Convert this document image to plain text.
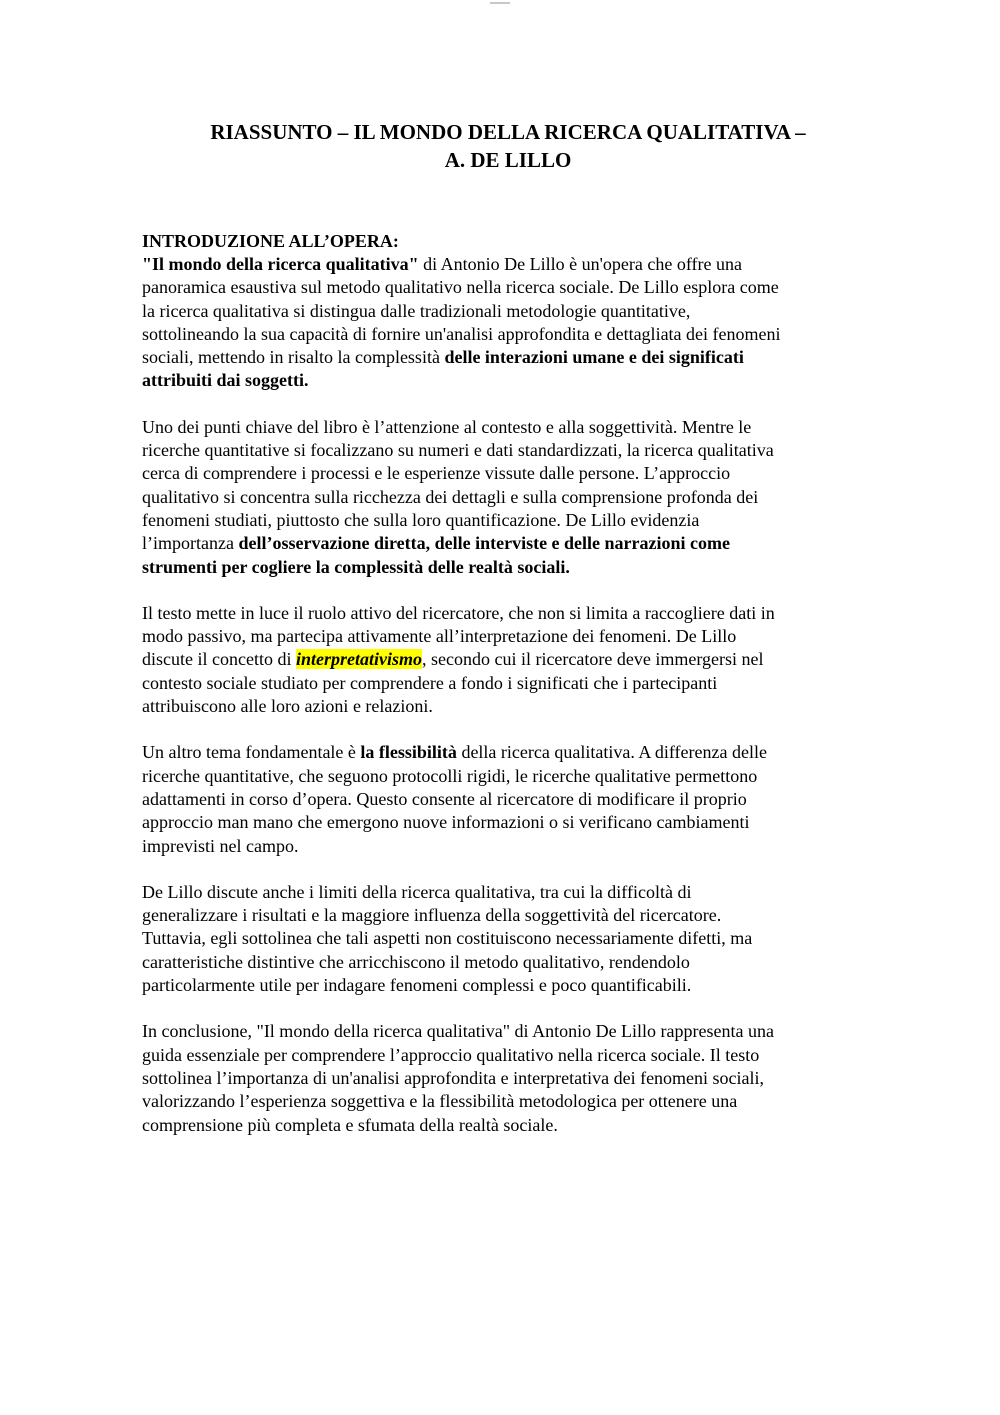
RIASSUNTO – IL MONDO DELLA RICERCA QUALITATIVA –
A. DE LILLO
INTRODUZIONE ALL’OPERA:

"Il mondo della ricerca qualitativa" di Antonio De Lillo è un'opera che offre una
panoramica esaustiva sul metodo qualitativo nella ricerca sociale. De Lillo esplora come
la ricerca qualitativa si distingua dalle tradizionali metodologie quantitative,
sottolineando la sua capacità di fornire un'analisi approfondita e dettagliata dei fenomeni
sociali, mettendo in risalto la complessità delle interazioni umane e dei significati
attribuiti dai soggetti.

Uno dei punti chiave del libro è l’attenzione al contesto e alla soggettività. Mentre le
ricerche quantitative si focalizzano su numeri e dati standardizzati, la ricerca qualitativa
cerca di comprendere i processi e le esperienze vissute dalle persone. L’approccio
qualitativo si concentra sulla ricchezza dei dettagli e sulla comprensione profonda dei
fenomeni studiati, piuttosto che sulla loro quantificazione. De Lillo evidenzia
l’importanza dell’osservazione diretta, delle interviste e delle narrazioni come
strumenti per cogliere la complessità delle realtà sociali.

Il testo mette in luce il ruolo attivo del ricercatore, che non si limita a raccogliere dati in
modo passivo, ma partecipa attivamente all’interpretazione dei fenomeni. De Lillo
discute il concetto di interpretativismo, secondo cui il ricercatore deve immergersi nel
contesto sociale studiato per comprendere a fondo i significati che i partecipanti
attribuiscono alle loro azioni e relazioni.

Un altro tema fondamentale è la flessibilità della ricerca qualitativa. A differenza delle
ricerche quantitative, che seguono protocolli rigidi, le ricerche qualitative permettono
adattamenti in corso d’opera. Questo consente al ricercatore di modificare il proprio
approccio man mano che emergono nuove informazioni o si verificano cambiamenti
imprevisti nel campo.

De Lillo discute anche i limiti della ricerca qualitativa, tra cui la difficoltà di
generalizzare i risultati e la maggiore influenza della soggettività del ricercatore.
Tuttavia, egli sottolinea che tali aspetti non costituiscono necessariamente difetti, ma
caratteristiche distintive che arricchiscono il metodo qualitativo, rendendolo
particolarmente utile per indagare fenomeni complessi e poco quantificabili.

In conclusione, "Il mondo della ricerca qualitativa" di Antonio De Lillo rappresenta una
guida essenziale per comprendere l’approccio qualitativo nella ricerca sociale. Il testo
sottolinea l’importanza di un'analisi approfondita e interpretativa dei fenomeni sociali,
valorizzando l’esperienza soggettiva e la flessibilità metodologica per ottenere una
comprensione più completa e sfumata della realtà sociale.
